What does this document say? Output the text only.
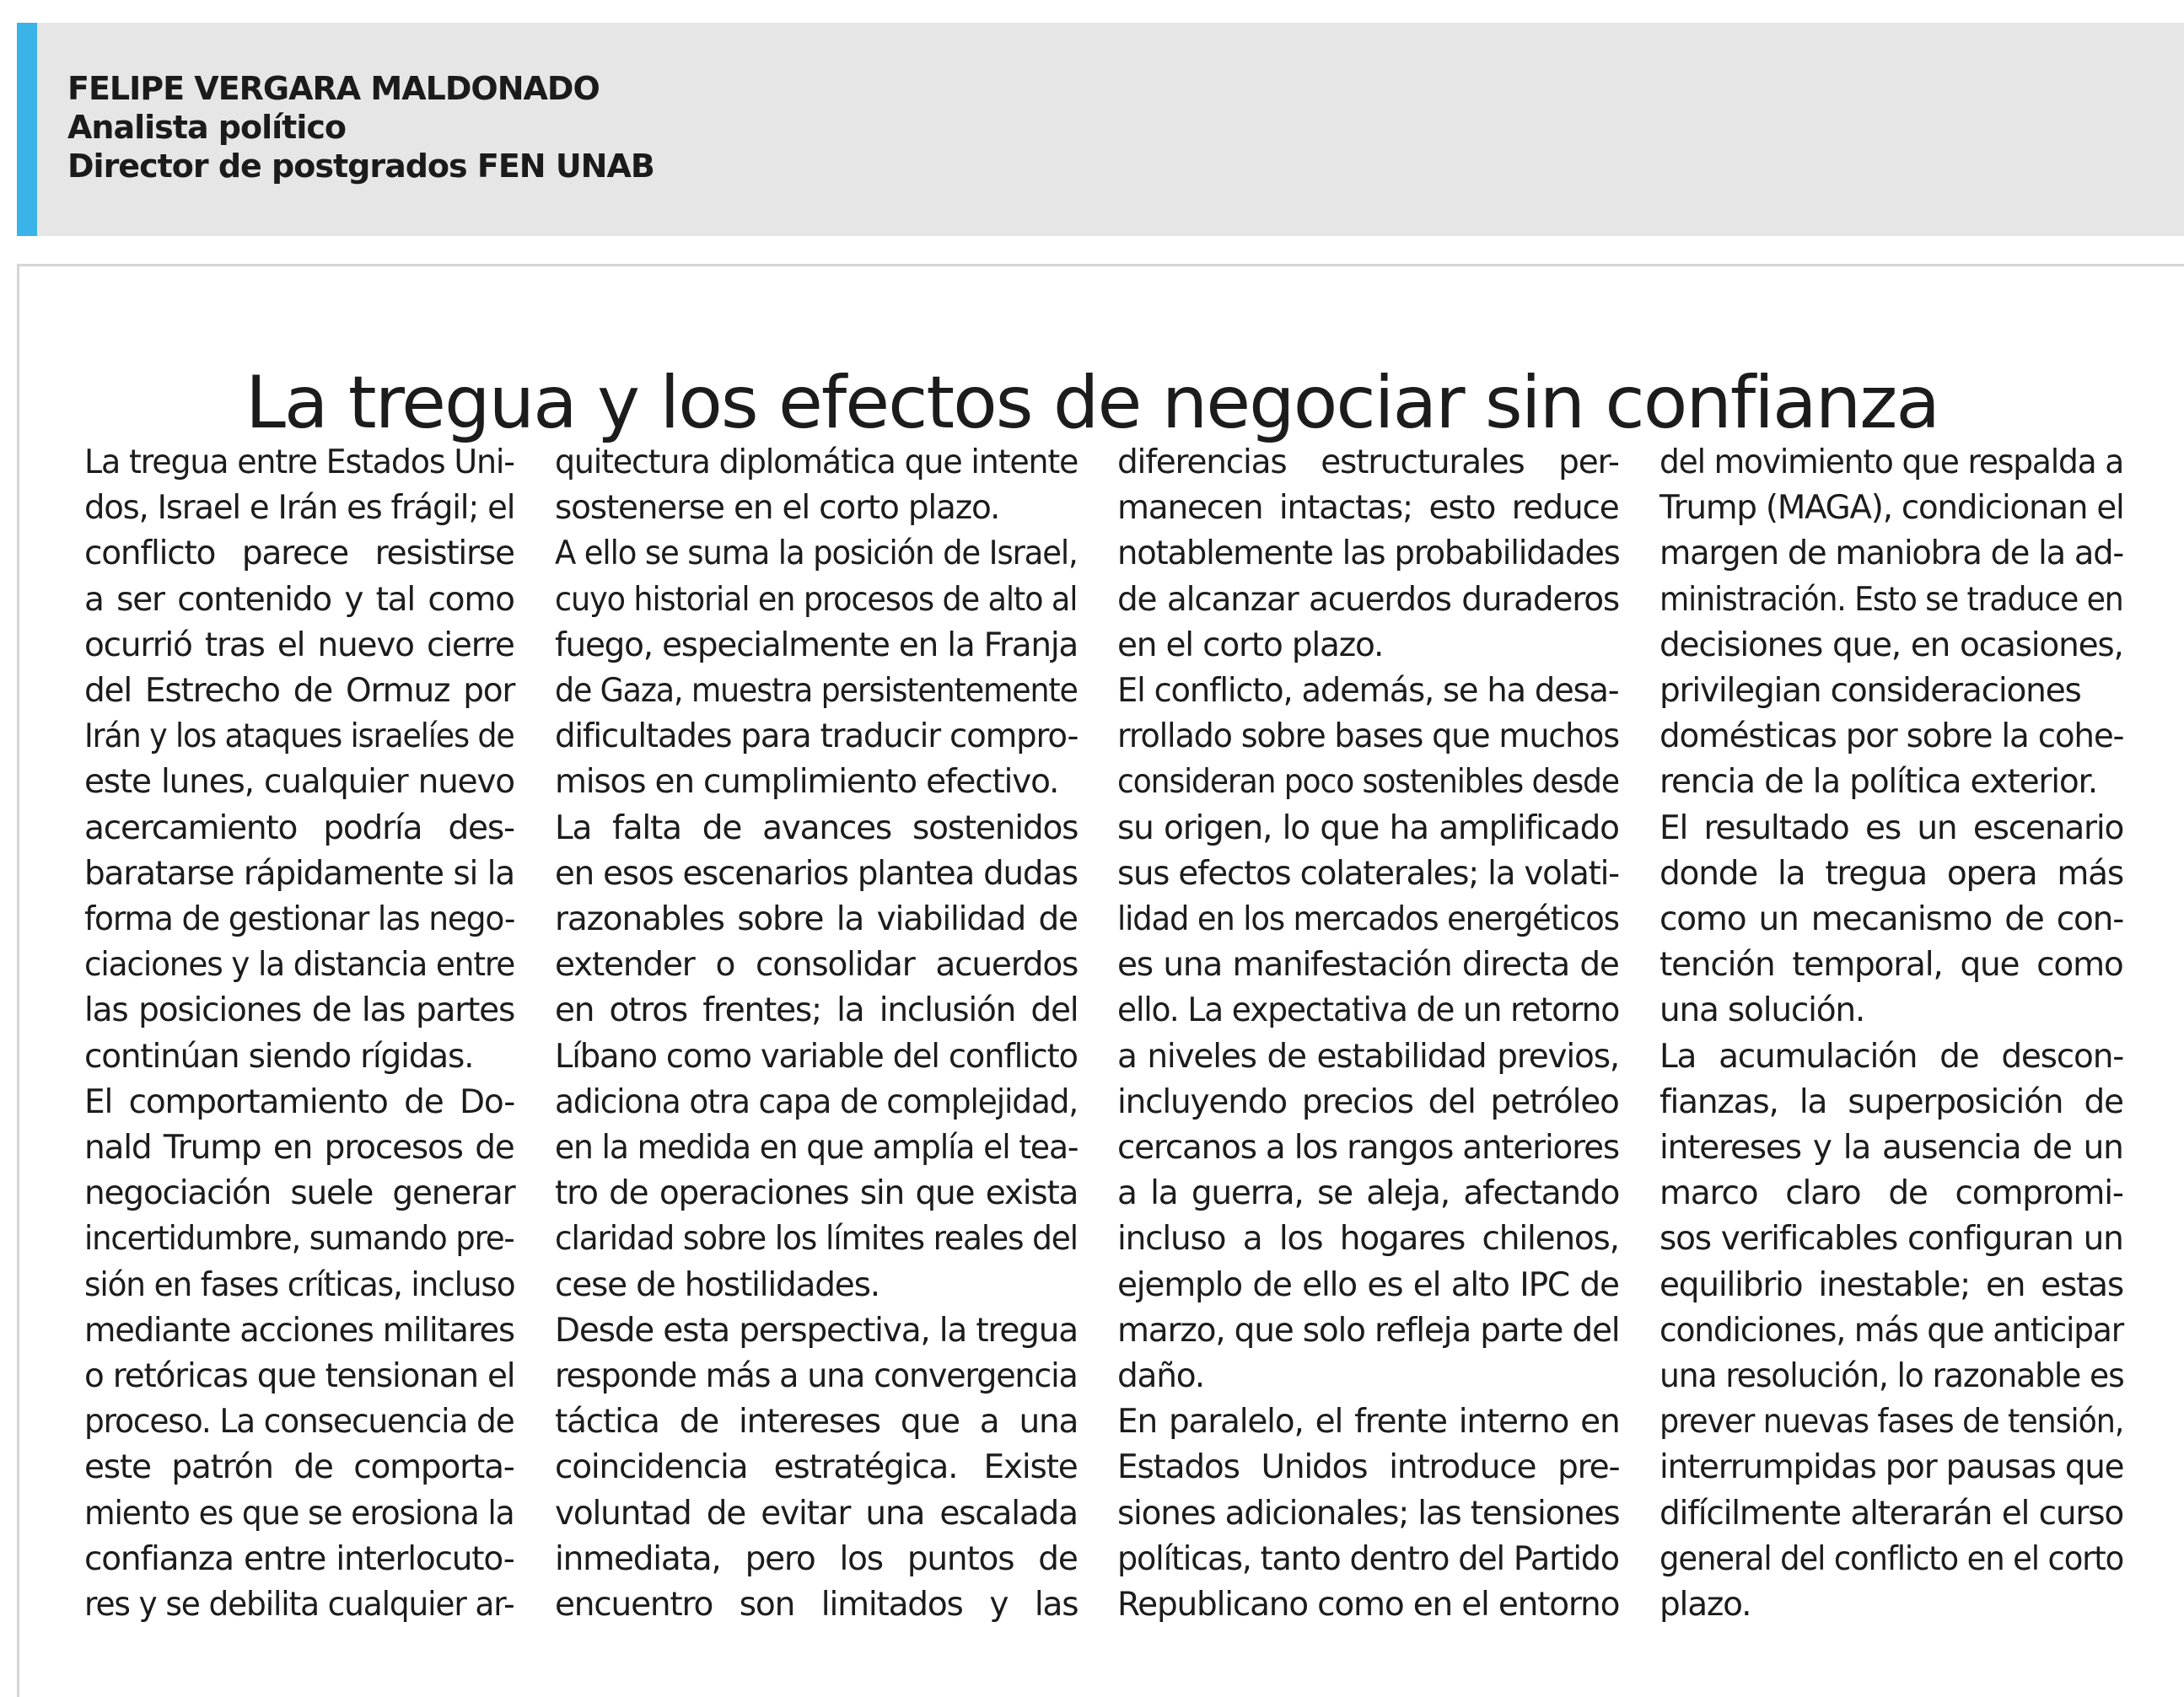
FELIPE VERGARA MALDONADO
Analista político
Director de postgrados FEN UNAB
La tregua y los efectos de negociar sin confianza
La tregua entre Estados Uni-
dos, Israel e Irán es frágil; el
conflicto parece resistirse
a ser contenido y tal como
ocurrió tras el nuevo cierre
del Estrecho de Ormuz por
Irán y los ataques israelíes de
este lunes, cualquier nuevo
acercamiento podría des-
baratarse rápidamente si la
forma de gestionar las nego-
ciaciones y la distancia entre
las posiciones de las partes
continúan siendo rígidas.
El comportamiento de Do-
nald Trump en procesos de
negociación suele generar
incertidumbre, sumando pre-
sión en fases críticas, incluso
mediante acciones militares
o retóricas que tensionan el
proceso. La consecuencia de
este patrón de comporta-
miento es que se erosiona la
confianza entre interlocuto-
res y se debilita cualquier ar-
quitectura diplomática que intente
sostenerse en el corto plazo.
A ello se suma la posición de Israel,
cuyo historial en procesos de alto al
fuego, especialmente en la Franja
de Gaza, muestra persistentemente
dificultades para traducir compro-
misos en cumplimiento efectivo.
La falta de avances sostenidos
en esos escenarios plantea dudas
razonables sobre la viabilidad de
extender o consolidar acuerdos
en otros frentes; la inclusión del
Líbano como variable del conflicto
adiciona otra capa de complejidad,
en la medida en que amplía el tea-
tro de operaciones sin que exista
claridad sobre los límites reales del
cese de hostilidades.
Desde esta perspectiva, la tregua
responde más a una convergencia
táctica de intereses que a una
coincidencia estratégica. Existe
voluntad de evitar una escalada
inmediata, pero los puntos de
encuentro son limitados y las
diferencias estructurales per-
manecen intactas; esto reduce
notablemente las probabilidades
de alcanzar acuerdos duraderos
en el corto plazo.
El conflicto, además, se ha desa-
rrollado sobre bases que muchos
consideran poco sostenibles desde
su origen, lo que ha amplificado
sus efectos colaterales; la volati-
lidad en los mercados energéticos
es una manifestación directa de
ello. La expectativa de un retorno
a niveles de estabilidad previos,
incluyendo precios del petróleo
cercanos a los rangos anteriores
a la guerra, se aleja, afectando
incluso a los hogares chilenos,
ejemplo de ello es el alto IPC de
marzo, que solo refleja parte del
daño.
En paralelo, el frente interno en
Estados Unidos introduce pre-
siones adicionales; las tensiones
políticas, tanto dentro del Partido
Republicano como en el entorno
del movimiento que respalda a
Trump (MAGA), condicionan el
margen de maniobra de la ad-
ministración. Esto se traduce en
decisiones que, en ocasiones,
privilegian consideraciones
domésticas por sobre la cohe-
rencia de la política exterior.
El resultado es un escenario
donde la tregua opera más
como un mecanismo de con-
tención temporal, que como
una solución.
La acumulación de descon-
fianzas, la superposición de
intereses y la ausencia de un
marco claro de compromi-
sos verificables configuran un
equilibrio inestable; en estas
condiciones, más que anticipar
una resolución, lo razonable es
prever nuevas fases de tensión,
interrumpidas por pausas que
difícilmente alterarán el curso
general del conflicto en el corto
plazo.
